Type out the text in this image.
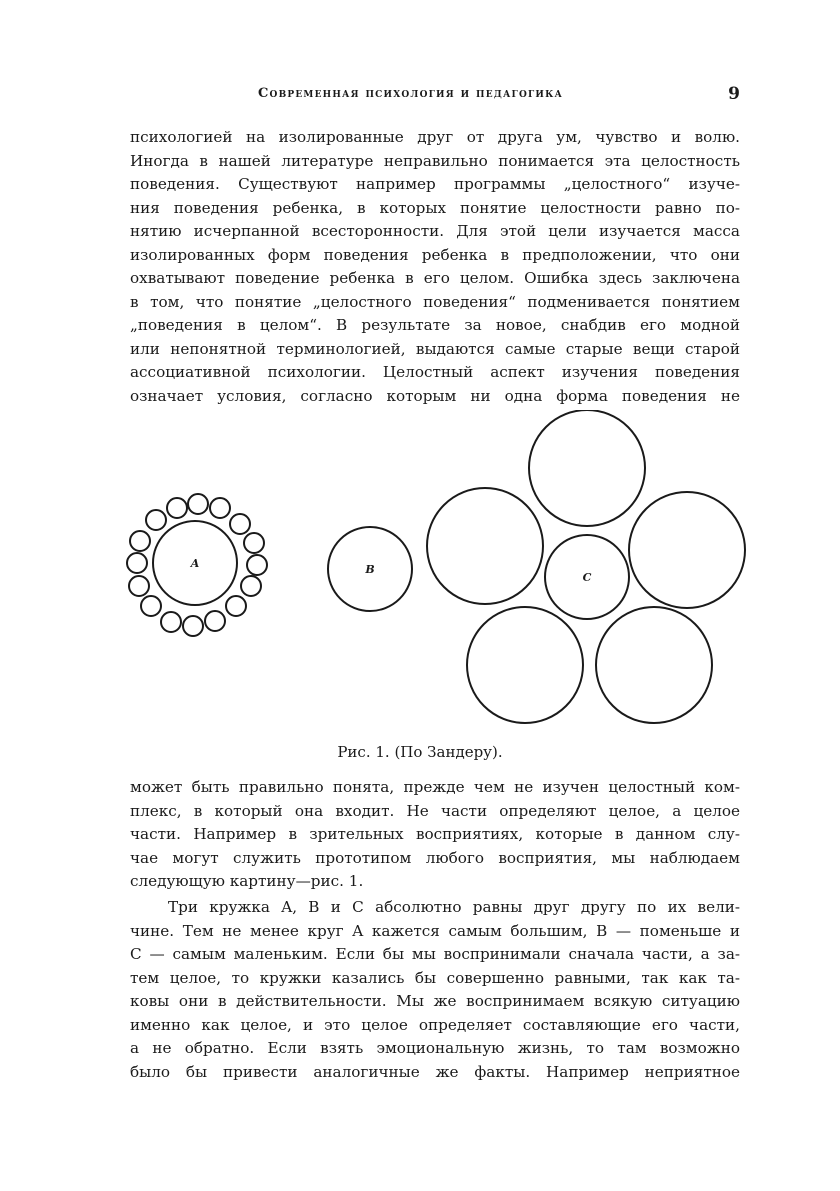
Современная психология и педагогика	9

психологией на изолированные друг от друга ум, чувство и волю.
Иногда в нашей литературе неправильно понимается эта целостность
поведения. Существуют например программы „целостного“ изуче-
ния поведения ребенка, в которых понятие целостности равно по-
нятию исчерпанной всесторонности. Для этой цели изучается масса
изолированных форм поведения ребенка в предположении, что они
охватывают поведение ребенка в его целом. Ошибка здесь заключена
в том, что понятие „целостного поведения“ подменивается понятием
„поведения в целом“. В результате за новое, снабдив его модной
или непонятной терминологией, выдаются самые старые вещи старой
ассоциативной психологии. Целостный аспект изучения поведения
означает условия, согласно которым ни одна форма поведения не

A	B
C
Рис. 1. (По Зандеру).

может быть правильно понята, прежде чем не изучен целостный ком-
плекс, в который она входит. Не части определяют целое, а целое
части. Например в зрительных восприятиях, которые в данном слу-
чае могут служить прототипом любого восприятия, мы наблюдаем
следующую картину—рис. 1.

Три кружка A, B и C абсолютно равны друг другу по их вели-
чине. Тем не менее круг A кажется самым большим, B — поменьше и
C — самым маленьким. Если бы мы воспринимали сначала части, а за-
тем целое, то кружки казались бы совершенно равными, так как та-
ковы они в действительности. Мы же воспринимаем всякую ситуацию
именно как целое, и это целое определяет составляющие его части,
а не обратно. Если взять эмоциональную жизнь, то там возможно
было бы привести аналогичные же факты. Например неприятное
